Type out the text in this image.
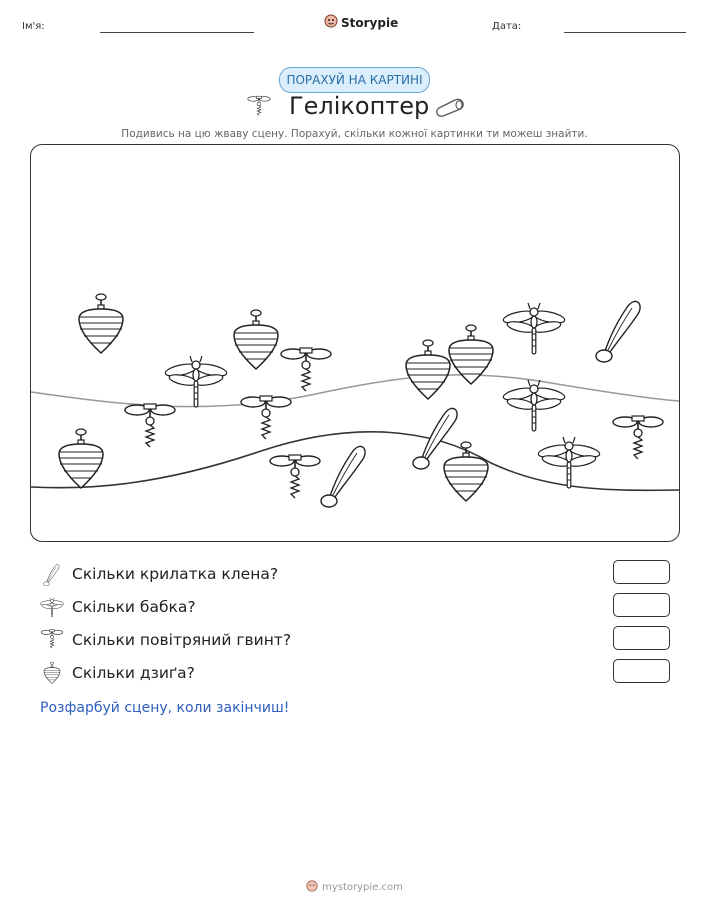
Ім'я:	Storypie	Дата:
ПОРАХУЙ НА КАРТИНІ
Гелікоптер
Подивись на цю жваву сцену. Порахуй, скільки кожної картинки ти можеш знайти.
Скільки крилатка клена?
Скільки бабка?
Скільки повітряний гвинт?
Скільки дзиґа?
Розфарбуй сцену, коли закінчиш!
mystorypie.com
